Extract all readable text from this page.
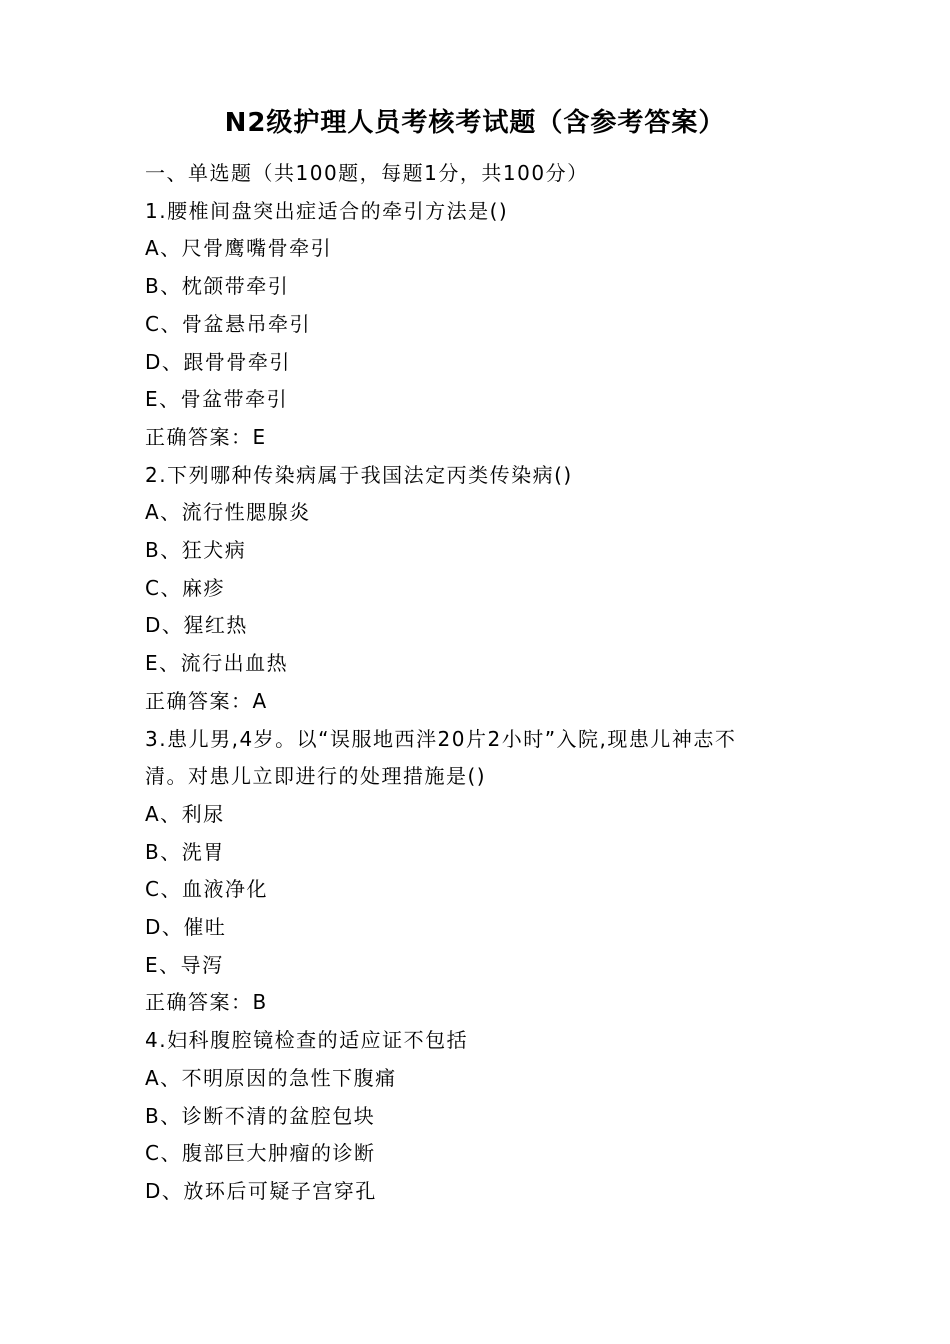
N2级护理人员考核考试题（含参考答案）
一、单选题（共100题，每题1分，共100分）
1.腰椎间盘突出症适合的牵引方法是()
A、尺骨鹰嘴骨牵引
B、枕颌带牵引
C、骨盆悬吊牵引
D、跟骨骨牵引
E、骨盆带牵引
正确答案：E
2.下列哪种传染病属于我国法定丙类传染病()
A、流行性腮腺炎
B、狂犬病
C、麻疹
D、猩红热
E、流行出血热
正确答案：A
3.患儿男,4岁。以“误服地西泮20片2小时”入院,现患儿神志不
清。对患儿立即进行的处理措施是()
A、利尿
B、洗胃
C、血液净化
D、催吐
E、导泻
正确答案：B
4.妇科腹腔镜检查的适应证不包括
A、不明原因的急性下腹痛
B、诊断不清的盆腔包块
C、腹部巨大肿瘤的诊断
D、放环后可疑子宫穿孔
